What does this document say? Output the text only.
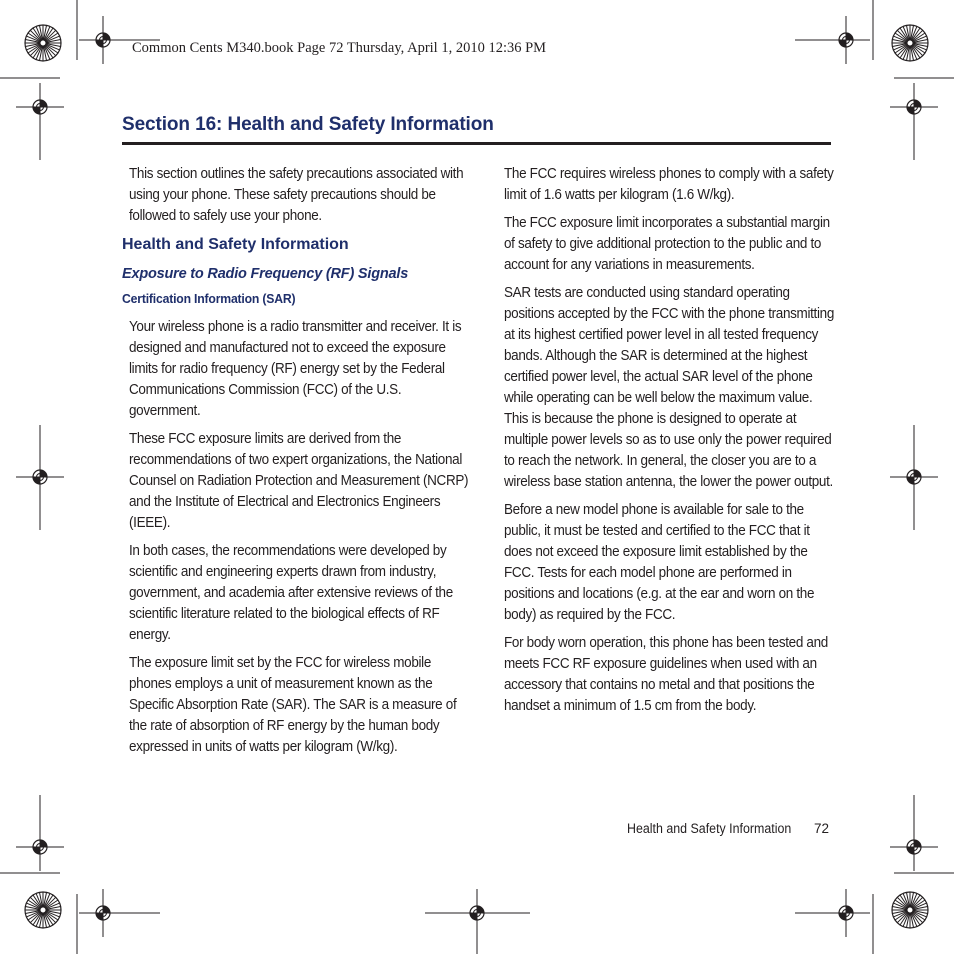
Common Cents M340.book Page 72 Thursday, April 1, 2010 12:36 PM
Section 16: Health and Safety Information

This section outlines the safety precautions associated with using your phone. These safety precautions should be followed to safely use your phone.

Health and Safety Information
Exposure to Radio Frequency (RF) Signals
Certification Information (SAR)

Your wireless phone is a radio transmitter and receiver. It is designed and manufactured not to exceed the exposure limits for radio frequency (RF) energy set by the Federal Communications Commission (FCC) of the U.S. government.

These FCC exposure limits are derived from the recommendations of two expert organizations, the National Counsel on Radiation Protection and Measurement (NCRP) and the Institute of Electrical and Electronics Engineers (IEEE).

In both cases, the recommendations were developed by scientific and engineering experts drawn from industry, government, and academia after extensive reviews of the scientific literature related to the biological effects of RF energy.

The exposure limit set by the FCC for wireless mobile phones employs a unit of measurement known as the Specific Absorption Rate (SAR). The SAR is a measure of the rate of absorption of RF energy by the human body expressed in units of watts per kilogram (W/kg).

The FCC requires wireless phones to comply with a safety limit of 1.6 watts per kilogram (1.6 W/kg).

The FCC exposure limit incorporates a substantial margin of safety to give additional protection to the public and to account for any variations in measurements.

SAR tests are conducted using standard operating positions accepted by the FCC with the phone transmitting at its highest certified power level in all tested frequency bands. Although the SAR is determined at the highest certified power level, the actual SAR level of the phone while operating can be well below the maximum value. This is because the phone is designed to operate at multiple power levels so as to use only the power required to reach the network. In general, the closer you are to a wireless base station antenna, the lower the power output.

Before a new model phone is available for sale to the public, it must be tested and certified to the FCC that it does not exceed the exposure limit established by the FCC. Tests for each model phone are performed in positions and locations (e.g. at the ear and worn on the body) as required by the FCC.

For body worn operation, this phone has been tested and meets FCC RF exposure guidelines when used with an accessory that contains no metal and that positions the handset a minimum of 1.5 cm from the body.

Health and Safety Information 72
